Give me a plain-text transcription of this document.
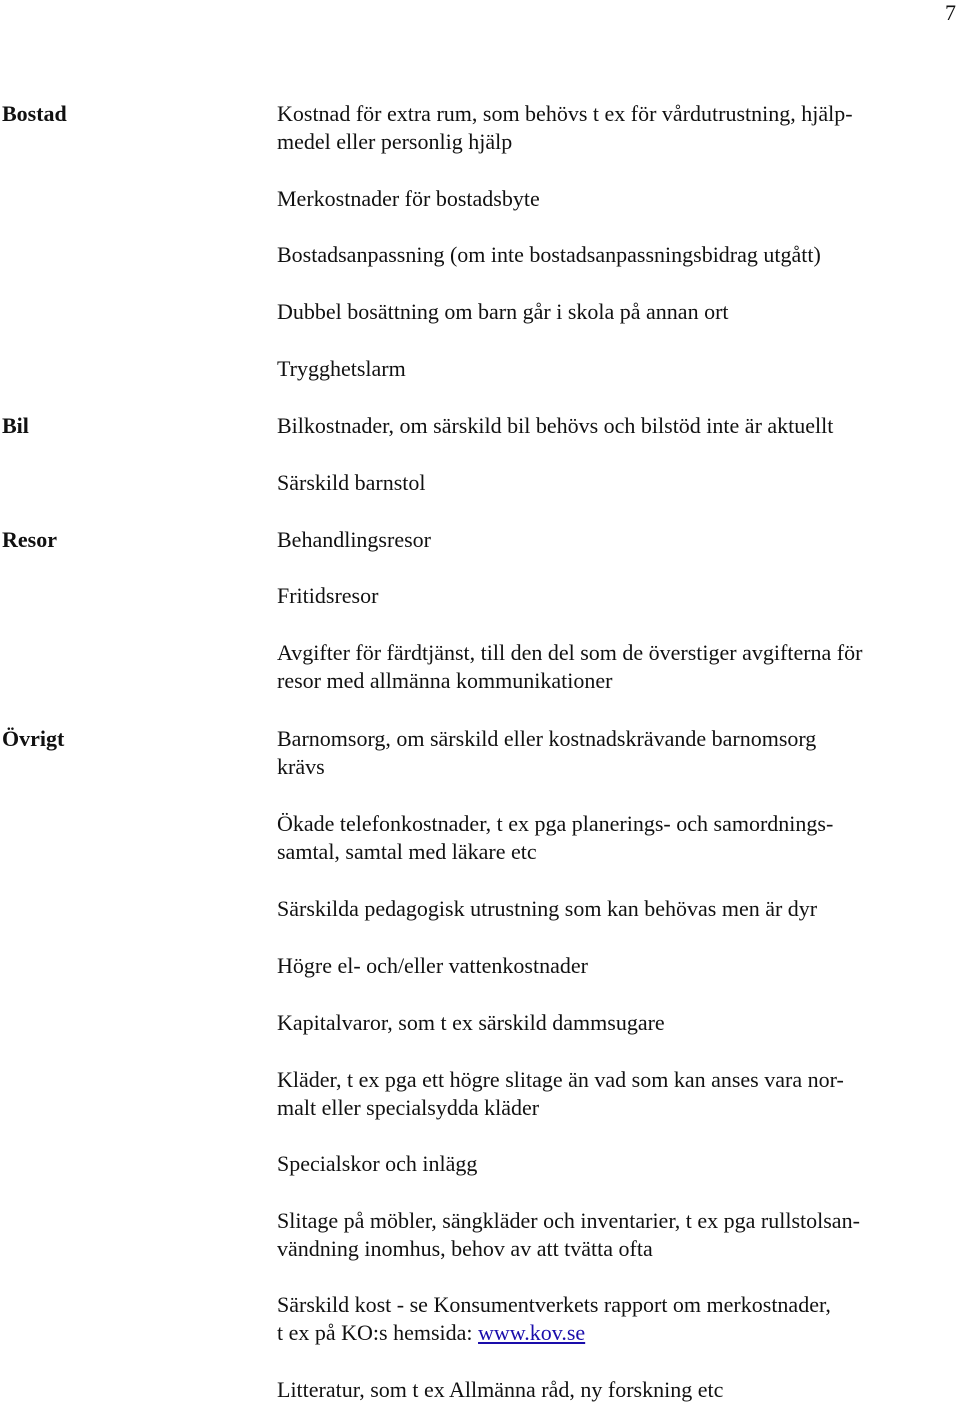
7
Bostad
Bil
Resor
Övrigt
Kostnad för extra rum, som behövs t ex för vårdutrustning, hjälp-
medel eller personlig hjälp
Merkostnader för bostadsbyte
Bostadsanpassning (om inte bostadsanpassningsbidrag utgått)
Dubbel bosättning om barn går i skola på annan ort
Trygghetslarm
Bilkostnader, om särskild bil behövs och bilstöd inte är aktuellt
Särskild barnstol
Behandlingsresor
Fritidsresor
Avgifter för färdtjänst, till den del som de överstiger avgifterna för
resor med allmänna kommunikationer
Barnomsorg, om särskild eller kostnadskrävande barnomsorg
krävs
Ökade telefonkostnader, t ex pga planerings- och samordnings-
samtal, samtal med läkare etc
Särskilda pedagogisk utrustning som kan behövas men är dyr
Högre el- och/eller vattenkostnader
Kapitalvaror, som t ex särskild dammsugare
Kläder, t ex pga ett högre slitage än vad som kan anses vara nor-
malt eller specialsydda kläder
Specialskor och inlägg
Slitage på möbler, sängkläder och inventarier, t ex pga rullstolsan-
vändning inomhus, behov av att tvätta ofta
Särskild kost - se Konsumentverkets rapport om merkostnader,
t ex på KO:s hemsida: www.kov.se
Litteratur, som t ex Allmänna råd, ny forskning etc
